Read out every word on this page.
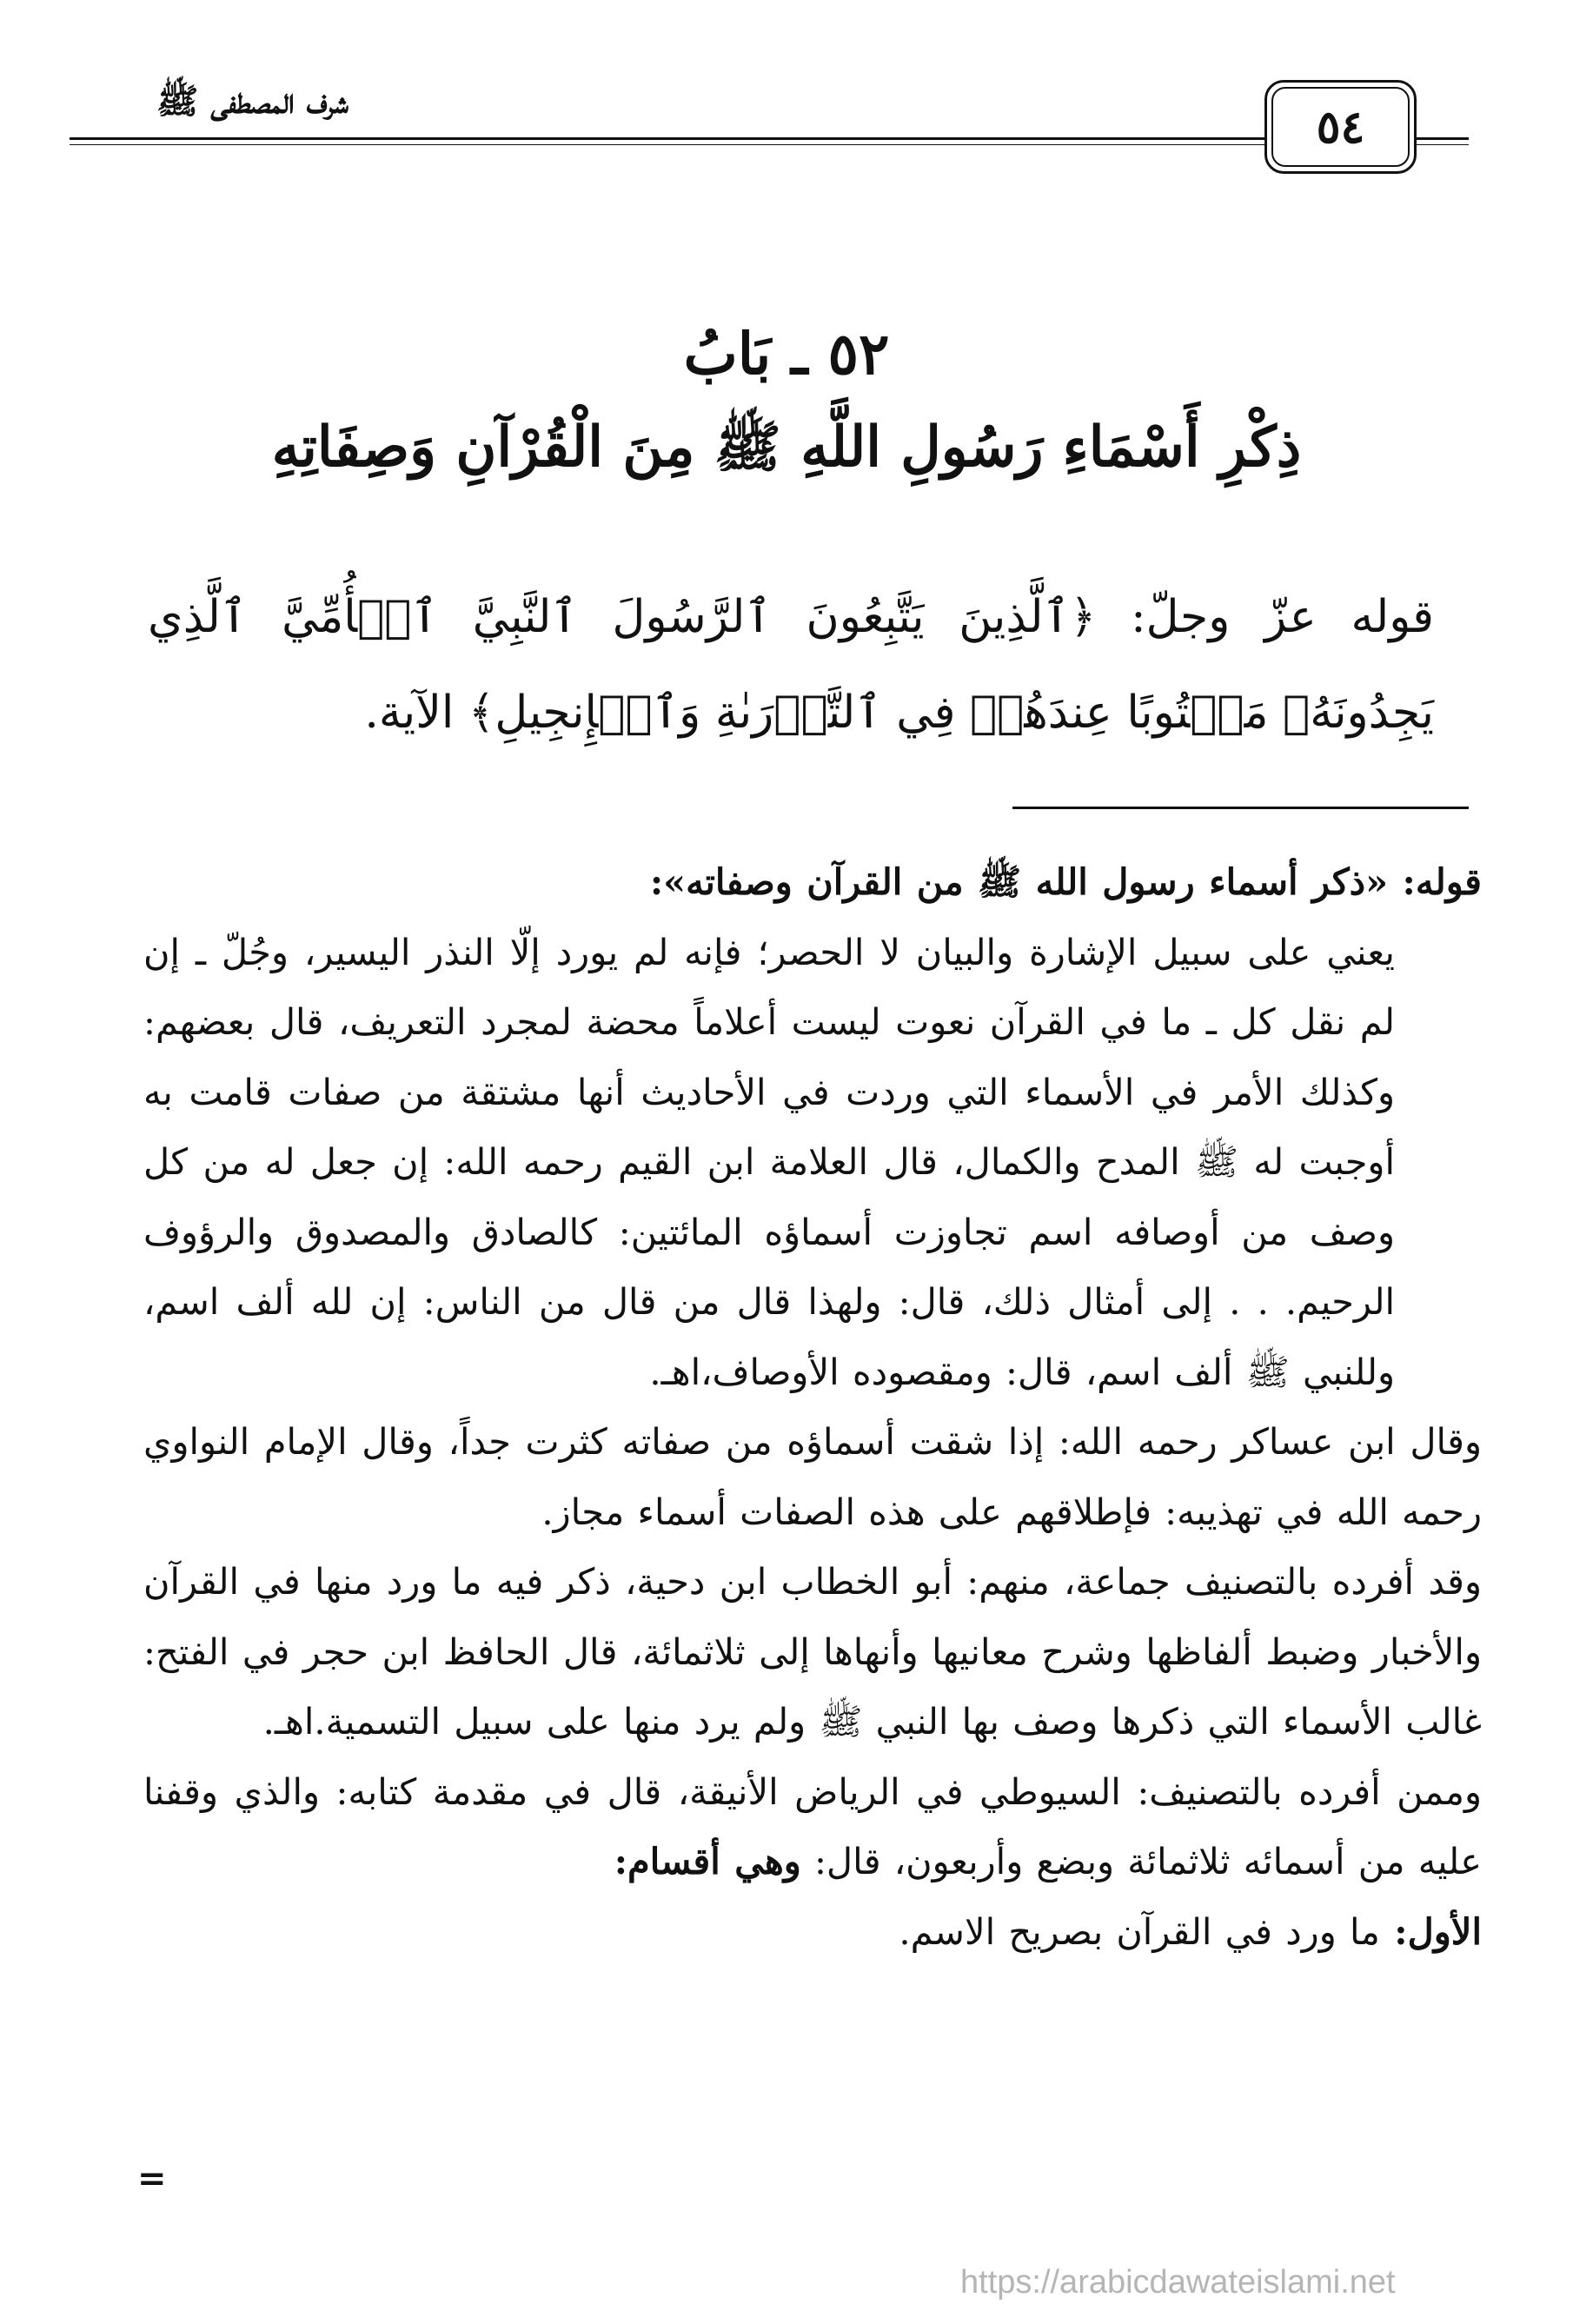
شرف المصطفى ﷺ	٥٤
٥٢ ـ بَابُ
ذِكْرِ أَسْمَاءِ رَسُولِ اللَّهِ ﷺ مِنَ الْقُرْآنِ وَصِفَاتِهِ
قوله عزّ وجلّ: ﴿ٱلَّذِينَ يَتَّبِعُونَ ٱلرَّسُولَ ٱلنَّبِيَّ ٱلۡأُمِّيَّ ٱلَّذِي يَجِدُونَهُۥ مَكۡتُوبًا عِندَهُمۡ فِي ٱلتَّوۡرَىٰةِ وَٱلۡإِنجِيلِ﴾ الآية.

قوله: «ذكر أسماء رسول الله ﷺ من القرآن وصفاته»:

يعني على سبيل الإشارة والبيان لا الحصر؛ فإنه لم يورد إلّا النذر اليسير، وجُلّ ـ إن لم نقل كل ـ ما في القرآن نعوت ليست أعلاماً محضة لمجرد التعريف، قال بعضهم: وكذلك الأمر في الأسماء التي وردت في الأحاديث أنها مشتقة من صفات قامت به أوجبت له ﷺ المدح والكمال، قال العلامة ابن القيم رحمه الله: إن جعل له من كل وصف من أوصافه اسم تجاوزت أسماؤه المائتين: كالصادق والمصدوق والرؤوف الرحيم. . . إلى أمثال ذلك، قال: ولهذا قال من قال من الناس: إن لله ألف اسم، وللنبي ﷺ ألف اسم، قال: ومقصوده الأوصاف،اهـ.

وقال ابن عساكر رحمه الله: إذا شقت أسماؤه من صفاته كثرت جداً، وقال الإمام النواوي رحمه الله في تهذيبه: فإطلاقهم على هذه الصفات أسماء مجاز.

وقد أفرده بالتصنيف جماعة، منهم: أبو الخطاب ابن دحية، ذكر فيه ما ورد منها في القرآن والأخبار وضبط ألفاظها وشرح معانيها وأنهاها إلى ثلاثمائة، قال الحافظ ابن حجر في الفتح: غالب الأسماء التي ذكرها وصف بها النبي ﷺ ولم يرد منها على سبيل التسمية.اهـ.

وممن أفرده بالتصنيف: السيوطي في الرياض الأنيقة، قال في مقدمة كتابه: والذي وقفنا عليه من أسمائه ثلاثمائة وبضع وأربعون، قال: وهي أقسام:

الأول: ما ورد في القرآن بصريح الاسم.

=
https://arabicdawateislami.net
